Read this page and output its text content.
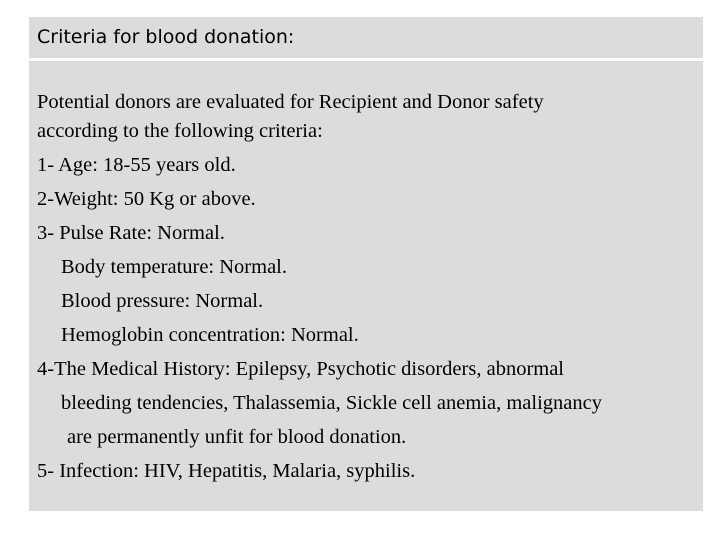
Criteria for blood donation:
Potential donors are evaluated for Recipient and Donor safety
according to the following criteria:
1- Age: 18-55 years old.
2-Weight: 50 Kg or above.
3- Pulse Rate: Normal.
Body temperature: Normal.
Blood pressure: Normal.
Hemoglobin concentration: Normal.
4-The Medical History: Epilepsy, Psychotic disorders, abnormal
bleeding tendencies, Thalassemia, Sickle cell anemia, malignancy
are permanently unfit for blood donation.
5- Infection: HIV, Hepatitis, Malaria, syphilis.
